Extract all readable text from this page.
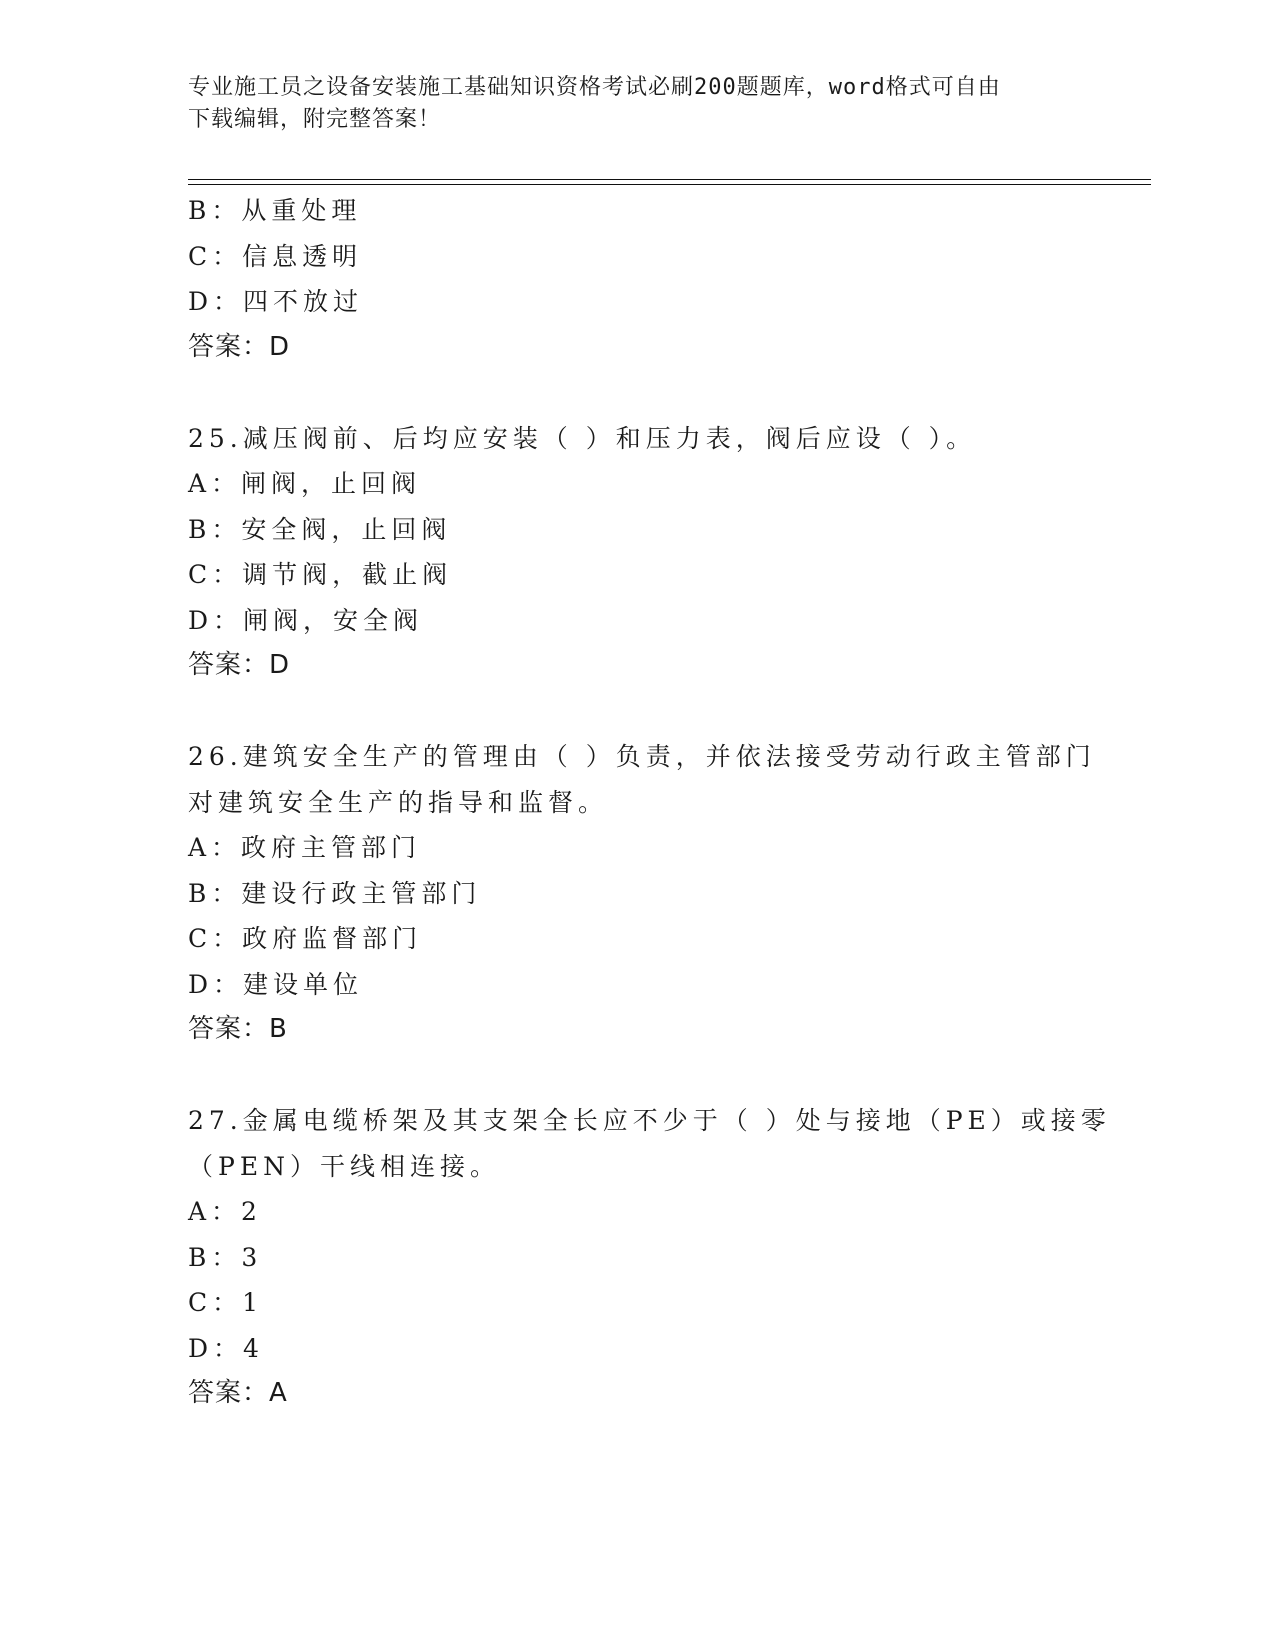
专业施工员之设备安装施工基础知识资格考试必刷200题题库，word格式可自由
下载编辑，附完整答案！
B：从重处理
C：信息透明
D：四不放过
答案：D
25.减压阀前、后均应安装（ ）和压力表，阀后应设（ ）。
A：闸阀，止回阀
B：安全阀，止回阀
C：调节阀，截止阀
D：闸阀，安全阀
答案：D
26.建筑安全生产的管理由（ ）负责，并依法接受劳动行政主管部门
对建筑安全生产的指导和监督。
A：政府主管部门
B：建设行政主管部门
C：政府监督部门
D：建设单位
答案：B
27.金属电缆桥架及其支架全长应不少于（ ）处与接地（PE）或接零
（PEN）干线相连接。
A：2
B：3
C：1
D：4
答案：A
